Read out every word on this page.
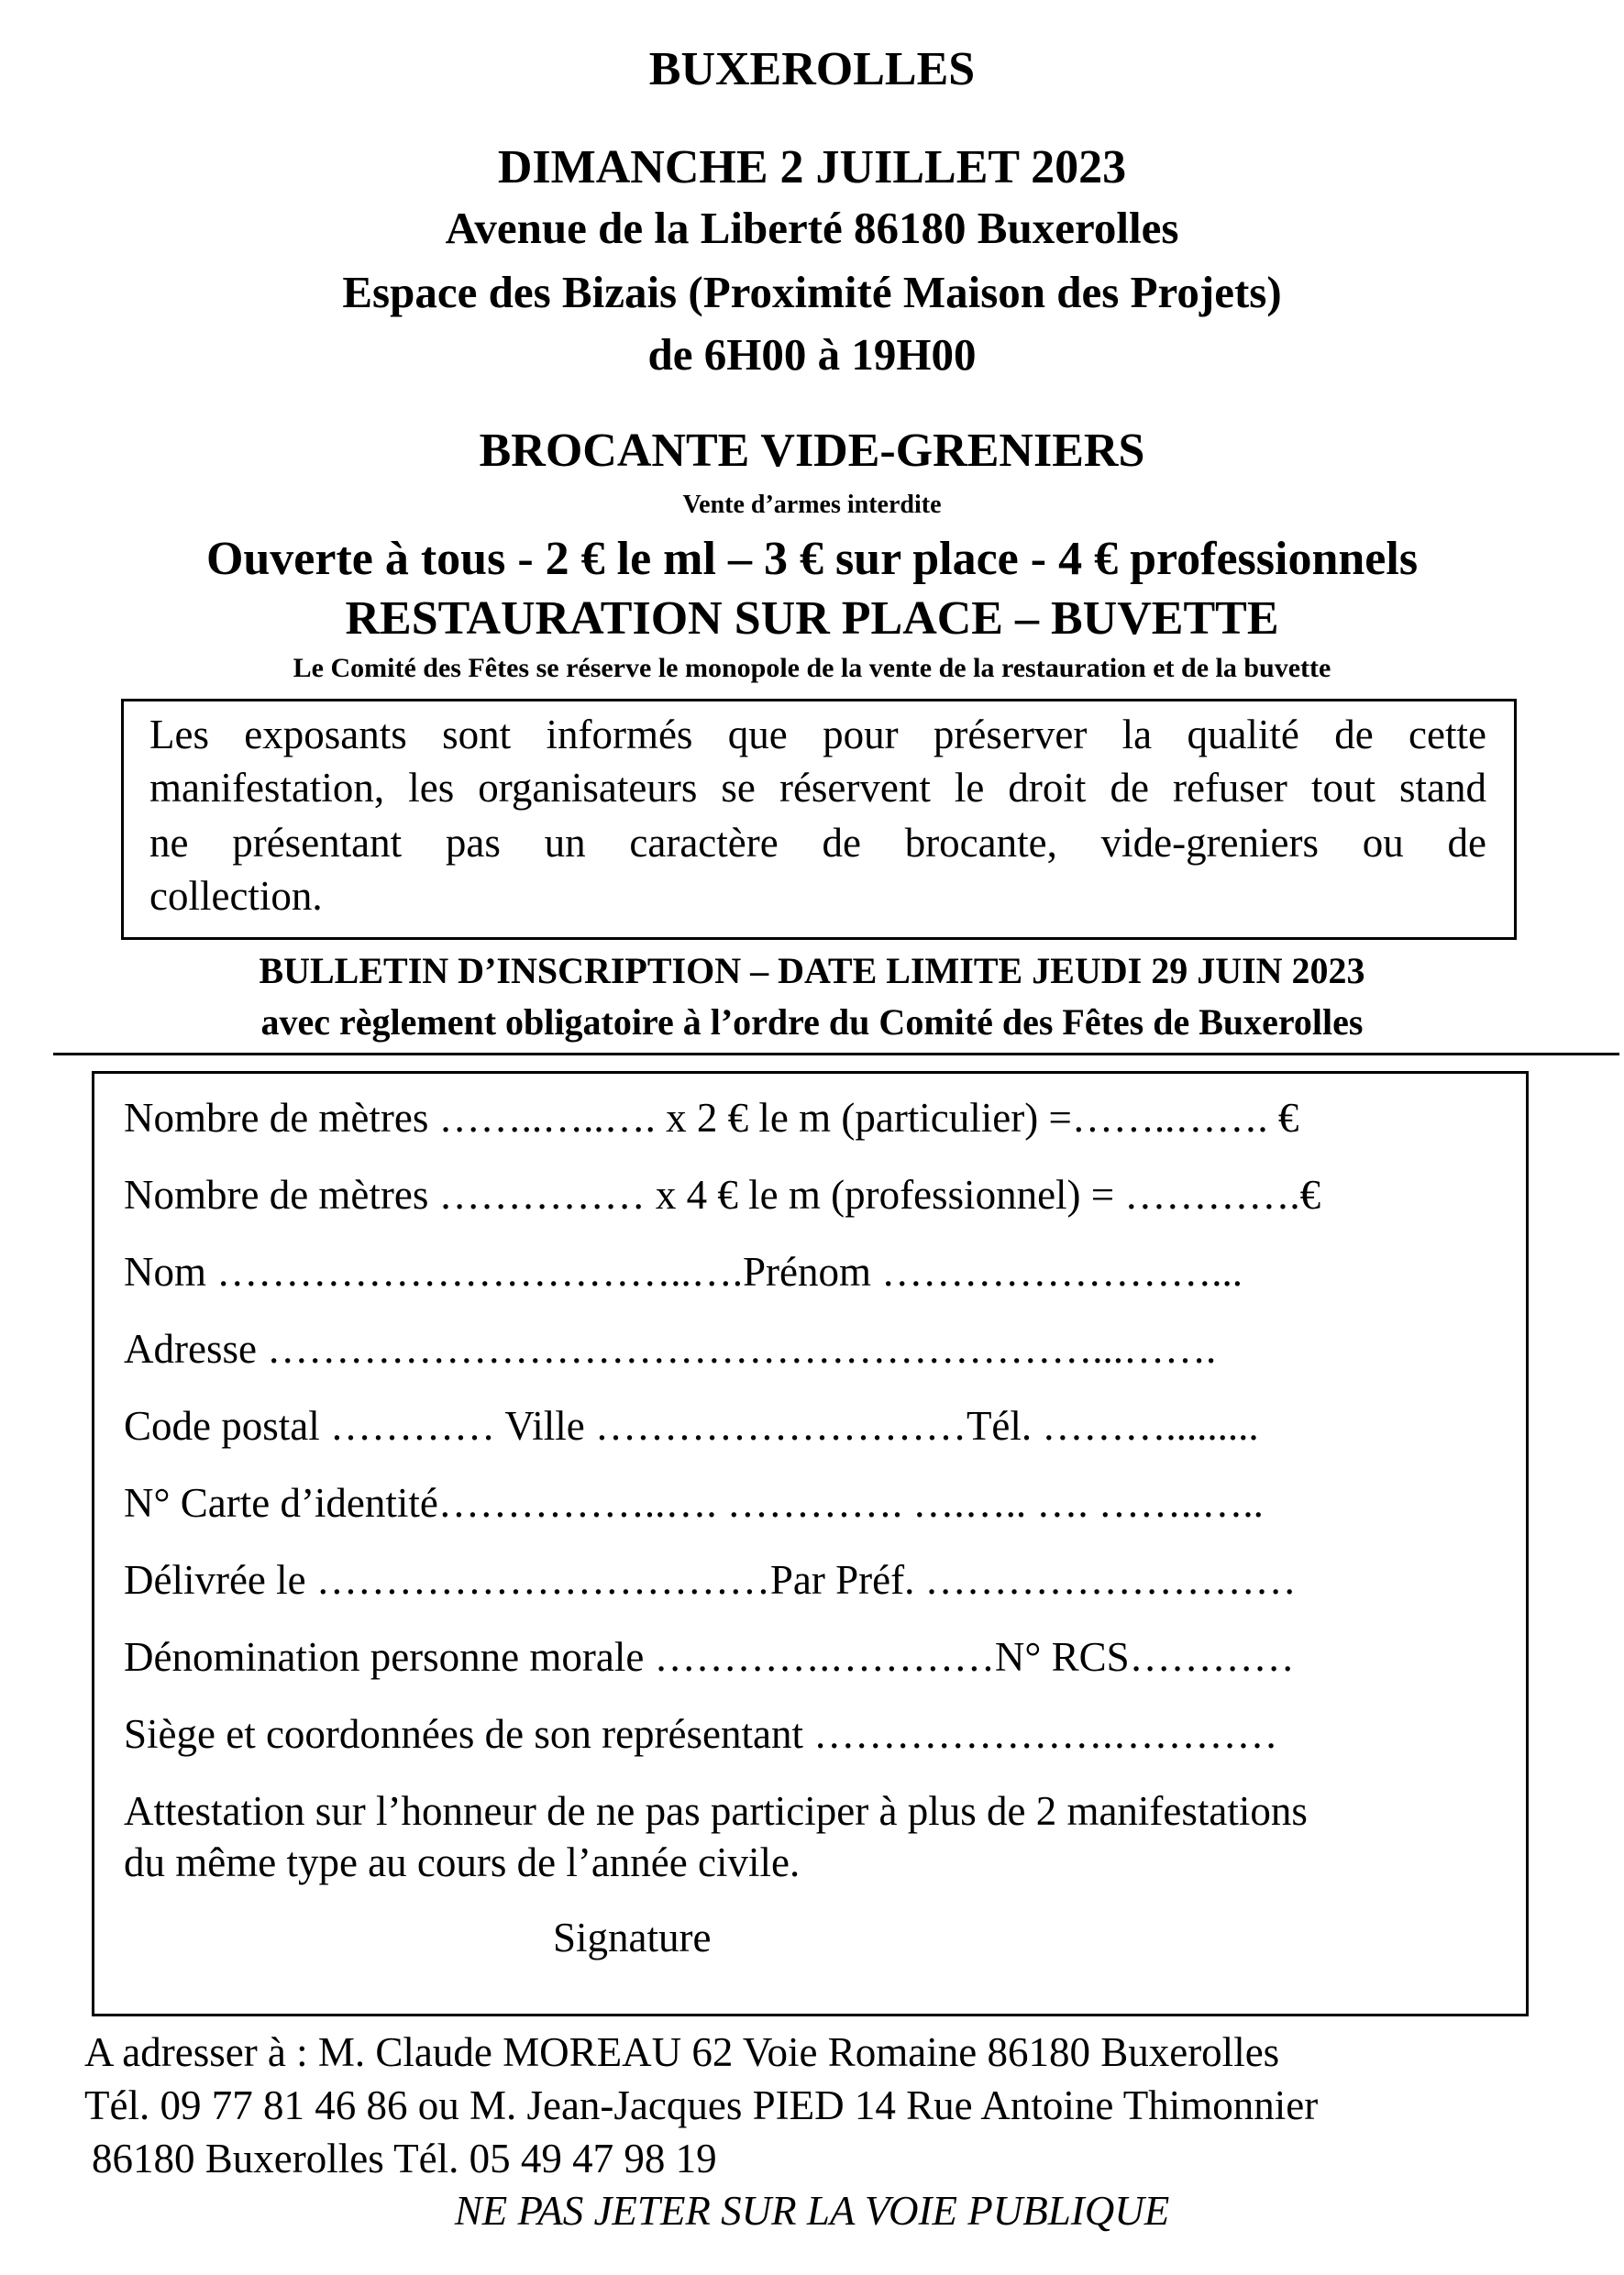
BUXEROLLES
DIMANCHE 2 JUILLET 2023
Avenue de la Liberté 86180 Buxerolles
Espace des Bizais (Proximité Maison des Projets)
de 6H00 à 19H00
BROCANTE VIDE-GRENIERS
Vente d’armes interdite
Ouverte à tous - 2 € le ml – 3 € sur place - 4 € professionnels
RESTAURATION SUR PLACE – BUVETTE
Le Comité des Fêtes se réserve le monopole de la vente de la restauration et de la buvette
Les exposants sont informés que pour préserver la qualité de cette
manifestation, les organisateurs se réservent le droit de refuser tout stand
ne présentant pas un caractère de brocante, vide-greniers ou de
collection.
BULLETIN D’INSCRIPTION – DATE LIMITE JEUDI 29 JUIN 2023
avec règlement obligatoire à l’ordre du Comité des Fêtes de Buxerolles
Nombre de mètres ……..…..…. x 2 € le m (particulier) =……..……. €
Nombre de mètres …………… x 4 € le m (professionnel) = ………….€
Nom ……………………………..….Prénom ……………………...
Adresse ……………………………………………………...…….
Code postal ………… Ville ………………………Tél. ……….........
N° Carte d’identité……………..…. …………. ….….. …. ……..…..
Délivrée le ……………………………Par Préf. ………………………
Dénomination personne morale ………….…………N° RCS…………
Siège et coordonnées de son représentant ………………….…………
Attestation sur l’honneur de ne pas participer à plus de 2 manifestations
du même type au cours de l’année civile.
Signature
A adresser à : M. Claude MOREAU 62 Voie Romaine 86180 Buxerolles
Tél. 09 77 81 46 86 ou M. Jean-Jacques PIED 14 Rue Antoine Thimonnier
86180 Buxerolles Tél. 05 49 47 98 19
NE PAS JETER SUR LA VOIE PUBLIQUE
